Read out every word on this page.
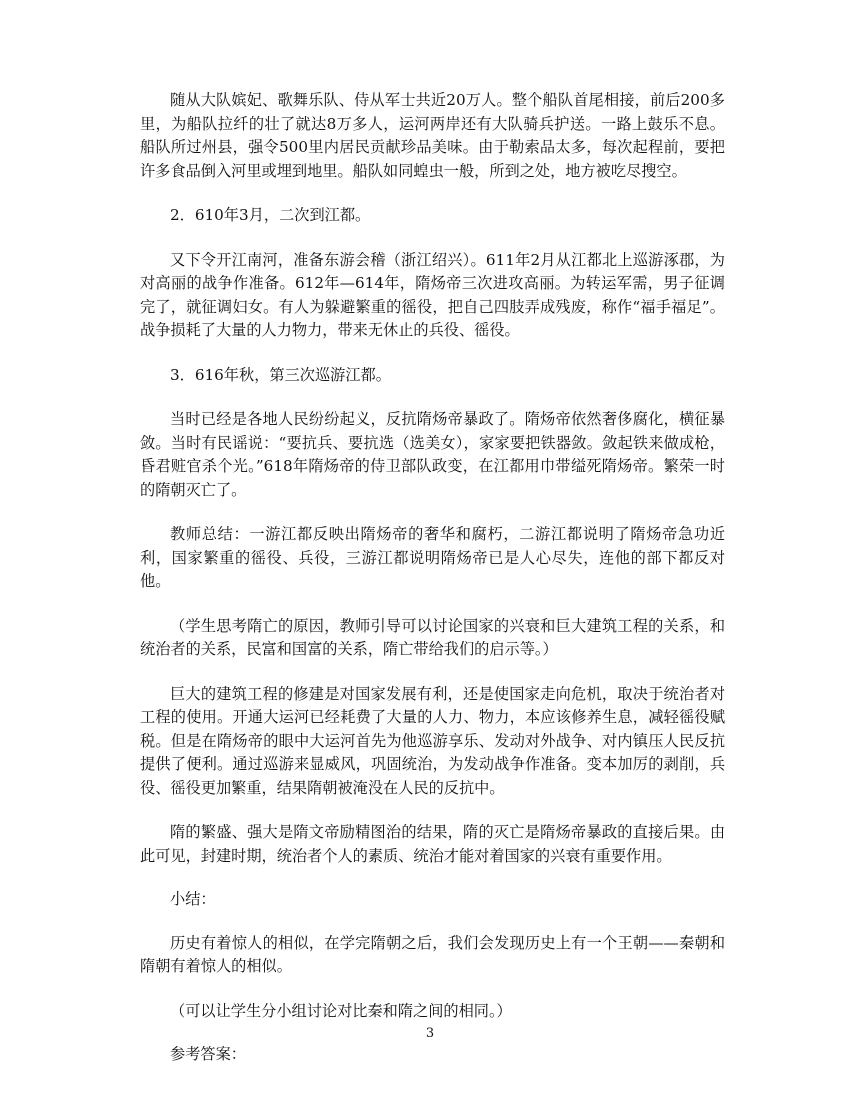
随从大队嫔妃、歌舞乐队、侍从军士共近20万人。整个船队首尾相接，前后200多里，为船队拉纤的壮了就达8万多人，运河两岸还有大队骑兵护送。一路上鼓乐不息。船队所过州县，强令500里内居民贡献珍品美味。由于勒索品太多，每次起程前，要把许多食品倒入河里或埋到地里。船队如同蝗虫一般，所到之处，地方被吃尽搜空。

2．610年3月，二次到江都。

又下令开江南河，准备东游会稽（浙江绍兴）。611年2月从江都北上巡游涿郡，为对高丽的战争作准备。612年—614年，隋炀帝三次进攻高丽。为转运军需，男子征调完了，就征调妇女。有人为躲避繁重的徭役，把自己四肢弄成残废，称作“福手福足”。战争损耗了大量的人力物力，带来无休止的兵役、徭役。

3．616年秋，第三次巡游江都。

当时已经是各地人民纷纷起义，反抗隋炀帝暴政了。隋炀帝依然奢侈腐化，横征暴敛。当时有民谣说：“要抗兵、要抗选（选美女），家家要把铁器敛。敛起铁来做成枪，昏君赃官杀个光。”618年隋炀帝的侍卫部队政变，在江都用巾带缢死隋炀帝。繁荣一时的隋朝灭亡了。

教师总结：一游江都反映出隋炀帝的奢华和腐朽，二游江都说明了隋炀帝急功近利，国家繁重的徭役、兵役，三游江都说明隋炀帝已是人心尽失，连他的部下都反对他。

（学生思考隋亡的原因，教师引导可以讨论国家的兴衰和巨大建筑工程的关系，和统治者的关系，民富和国富的关系，隋亡带给我们的启示等。）

巨大的建筑工程的修建是对国家发展有利，还是使国家走向危机，取决于统治者对工程的使用。开通大运河已经耗费了大量的人力、物力，本应该修养生息，减轻徭役赋税。但是在隋炀帝的眼中大运河首先为他巡游享乐、发动对外战争、对内镇压人民反抗提供了便利。通过巡游来显威风，巩固统治，为发动战争作准备。变本加厉的剥削，兵役、徭役更加繁重，结果隋朝被淹没在人民的反抗中。

隋的繁盛、强大是隋文帝励精图治的结果，隋的灭亡是隋炀帝暴政的直接后果。由此可见，封建时期，统治者个人的素质、统治才能对着国家的兴衰有重要作用。

小结：

历史有着惊人的相似，在学完隋朝之后，我们会发现历史上有一个王朝——秦朝和隋朝有着惊人的相似。

（可以让学生分小组讨论对比秦和隋之间的相同。）

参考答案：

3
